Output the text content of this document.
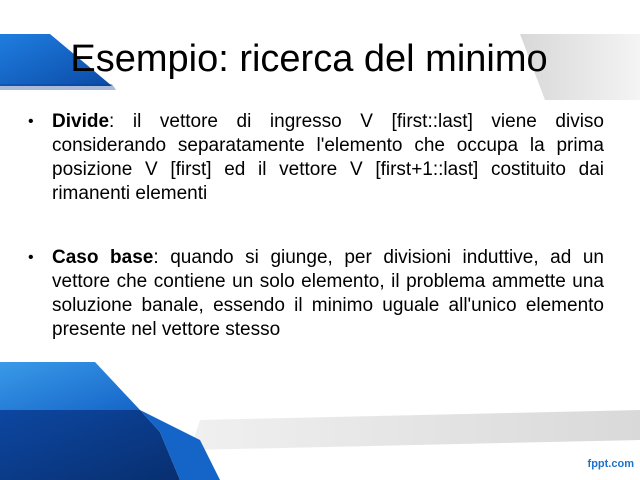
Esempio: ricerca del minimo
• Divide: il vettore di ingresso V [first::last] viene diviso considerando separatamente l'elemento che occupa la prima posizione V [first] ed il vettore V [first+1::last] costituito dai rimanenti elementi
• Caso base: quando si giunge, per divisioni induttive, ad un vettore che contiene un solo elemento, il problema ammette una soluzione banale, essendo il minimo uguale all'unico elemento presente nel vettore stesso
fppt.com
